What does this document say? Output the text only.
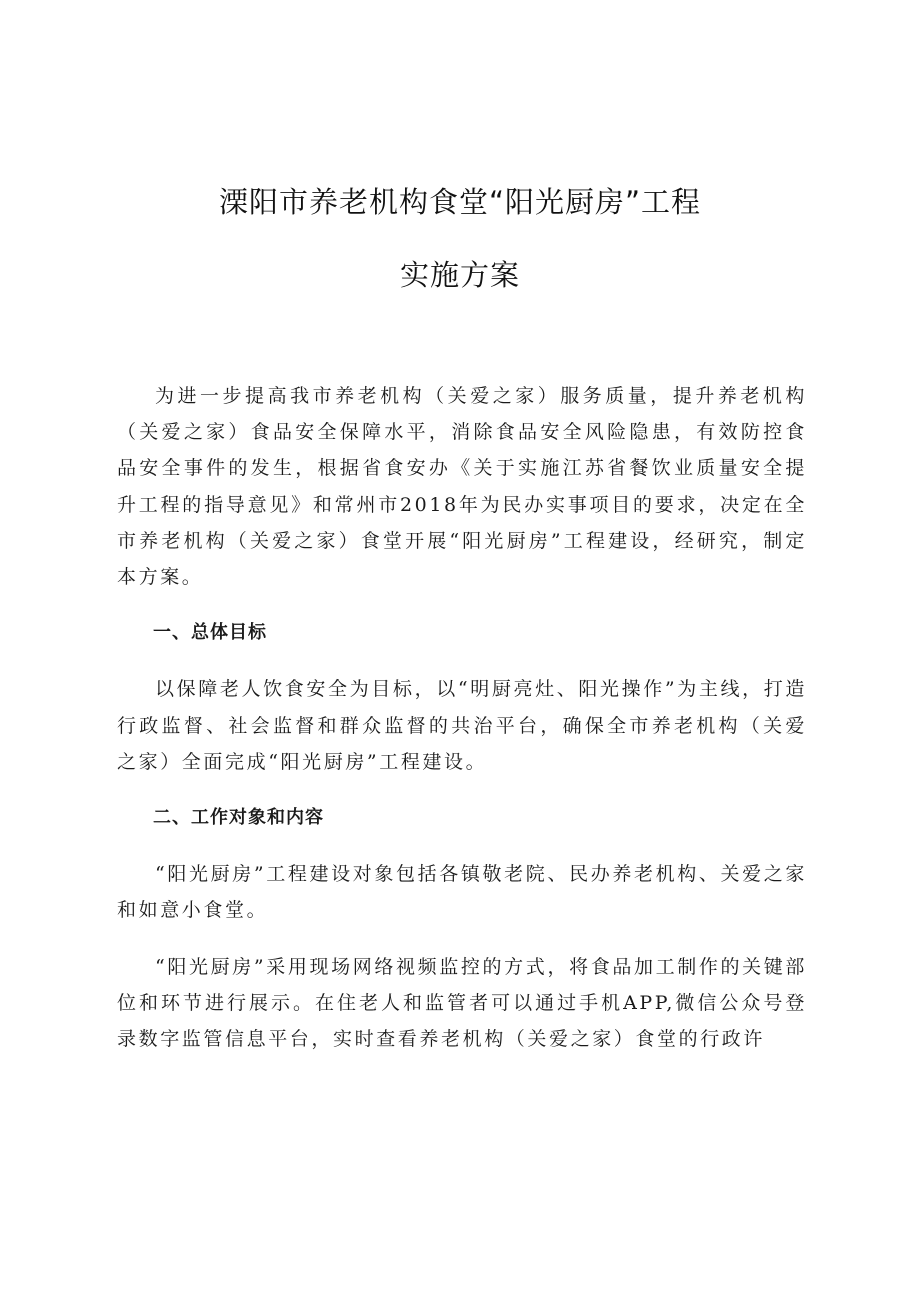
溧阳市养老机构食堂“阳光厨房”工程
实施方案

为进一步提高我市养老机构（关爱之家）服务质量，提升养老机构（关爱之家）食品安全保障水平，消除食品安全风险隐患，有效防控食品安全事件的发生，根据省食安办《关于实施江苏省餐饮业质量安全提升工程的指导意见》和常州市2018年为民办实事项目的要求，决定在全市养老机构（关爱之家）食堂开展“阳光厨房”工程建设，经研究，制定本方案。

一、总体目标

以保障老人饮食安全为目标，以“明厨亮灶、阳光操作”为主线，打造行政监督、社会监督和群众监督的共治平台，确保全市养老机构（关爱之家）全面完成“阳光厨房”工程建设。

二、工作对象和内容

“阳光厨房”工程建设对象包括各镇敬老院、民办养老机构、关爱之家和如意小食堂。

“阳光厨房”采用现场网络视频监控的方式，将食品加工制作的关键部位和环节进行展示。在住老人和监管者可以通过手机APP,微信公众号登录数字监管信息平台，实时查看养老机构（关爱之家）食堂的行政许
